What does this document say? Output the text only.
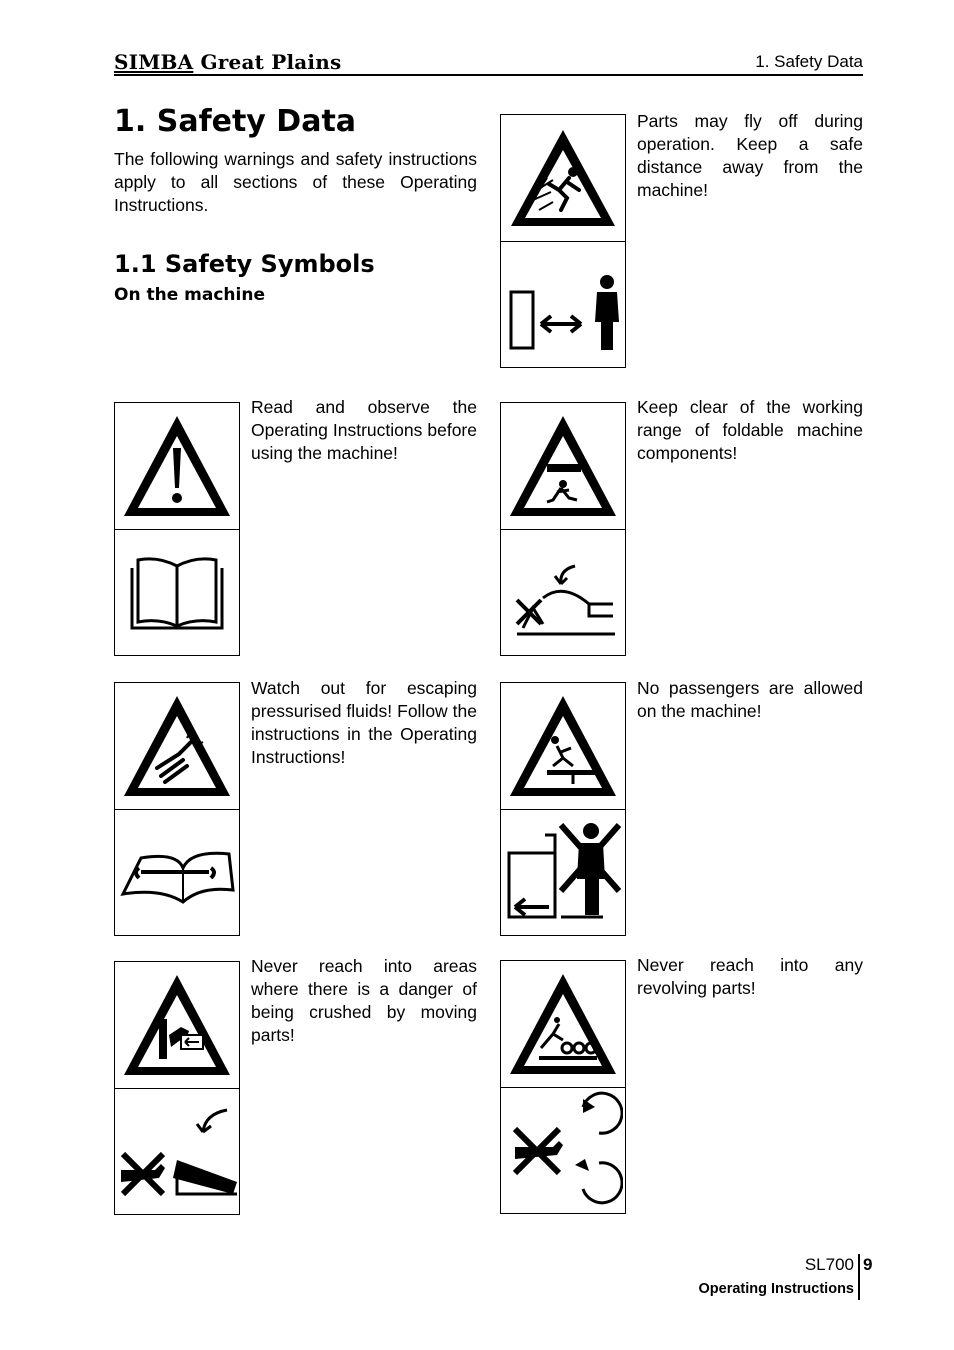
SIMBA Great Plains	1. Safety Data
1. Safety Data
The following warnings and safety instructions apply to all sections of these Operating Instructions.
1.1 Safety Symbols
On the machine
Parts may fly off during operation. Keep a safe distance away from the machine!
Read and observe the Operating Instructions before using the machine!
Keep clear of the working range of foldable machine components!
Watch out for escaping pressurised fluids! Follow the instructions in the Operating Instructions!
No passengers are allowed on the machine!
Never reach into areas where there is a danger of being crushed by moving parts!
Never reach into any revolving parts!
SL700 9
Operating Instructions
